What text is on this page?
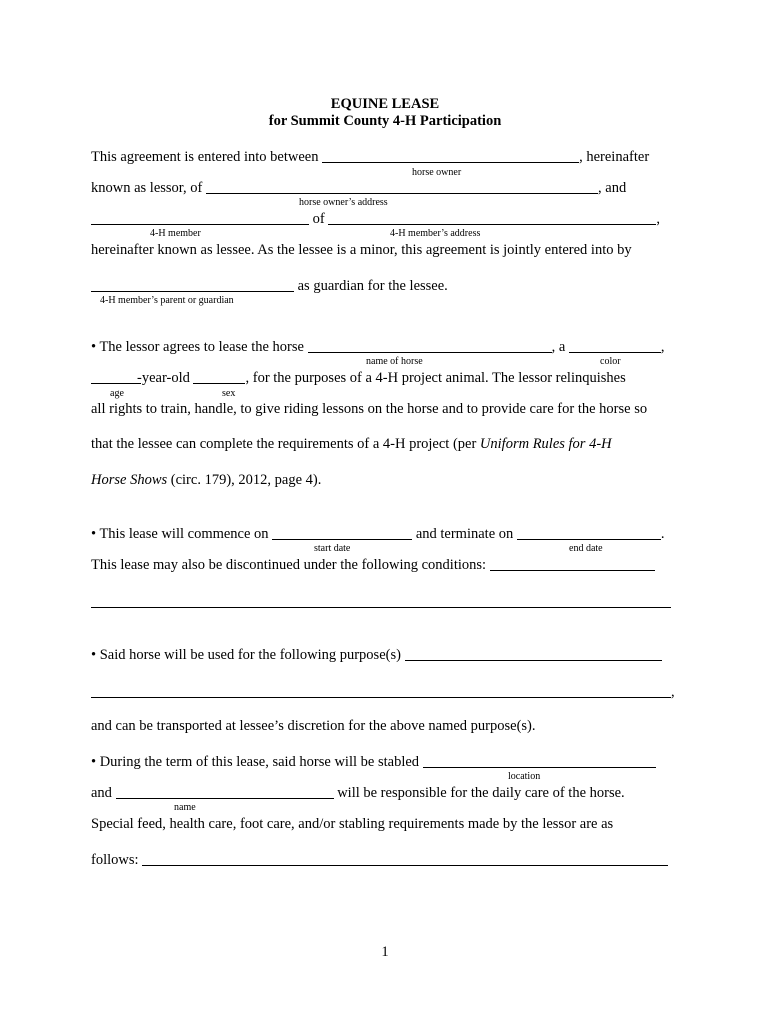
EQUINE LEASE
for Summit County 4-H Participation
This agreement is entered into between	, hereinafter
horse owner
known as lessor, of	, and
horse owner’s address
of	,
4-H member	4-H member’s address
hereinafter known as lessee. As the lessee is a minor, this agreement is jointly entered into by
as guardian for the lessee.
4-H member’s parent or guardian
• The lessor agrees to lease the horse	, a	,
name of horse	color
-year-old	, for the purposes of a 4-H project animal. The lessor relinquishes
age	sex
all rights to train, handle, to give riding lessons on the horse and to provide care for the horse so
that the lessee can complete the requirements of a 4-H project (per Uniform Rules for 4-H
Horse Shows (circ. 179), 2012, page 4).
• This lease will commence on	and terminate on	.
start date	end date
This lease may also be discontinued under the following conditions:
• Said horse will be used for the following purpose(s)
,
and can be transported at lessee’s discretion for the above named purpose(s).
• During the term of this lease, said horse will be stabled
location
and	will be responsible for the daily care of the horse.
name
Special feed, health care, foot care, and/or stabling requirements made by the lessor are as
follows:
1
